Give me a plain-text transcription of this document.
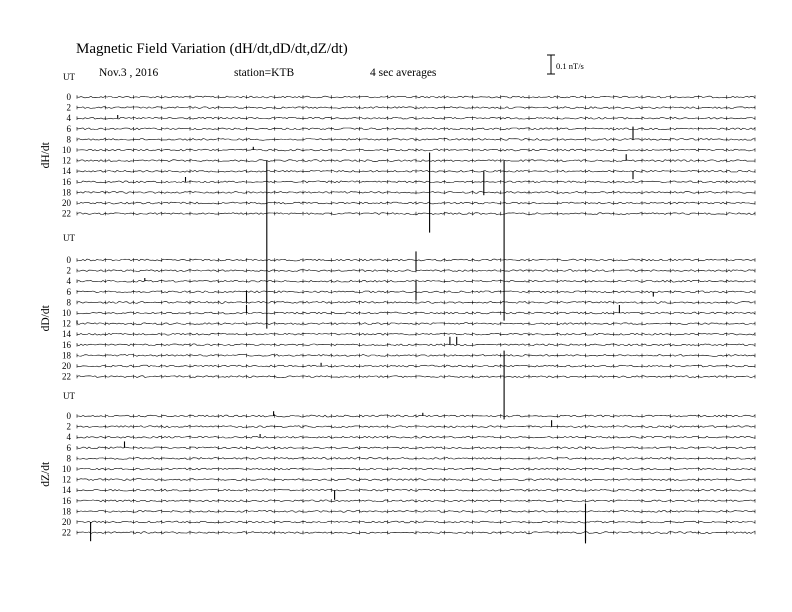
Magnetic Field Variation (dH/dt,dD/dt,dZ/dt)
Nov.3 , 2016	station=KTB	4 sec averages
0.1 nT/s
UT
dH/dt
0
2
4
6
8
10
12
14
16
18
20
22
UT
dD/dt
0
2
4
6
8
10
12
14
16
18
20
22
UT
dZ/dt
0
2
4
6
8
10
12
14
16
18
20
22
